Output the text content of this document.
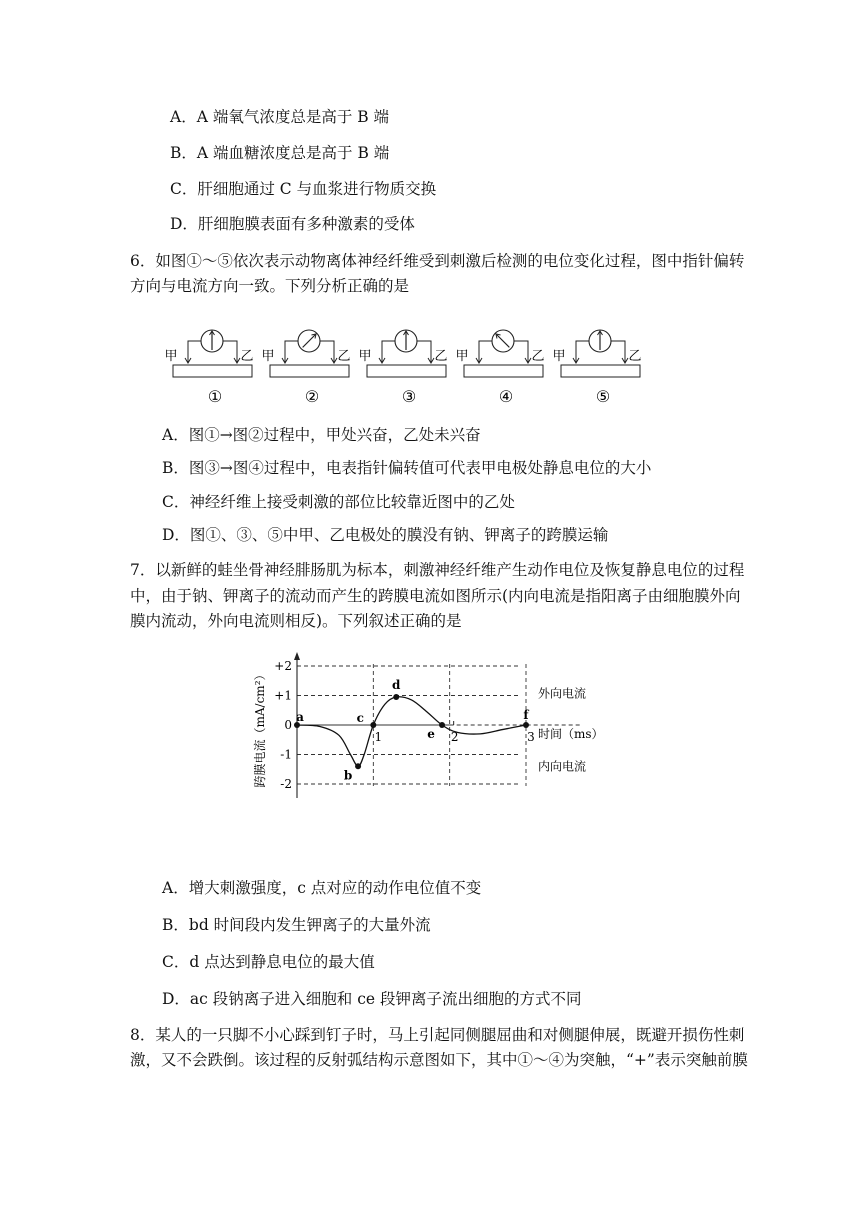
A．A 端氧气浓度总是高于 B 端
B．A 端血糖浓度总是高于 B 端
C．肝细胞通过 C 与血浆进行物质交换
D．肝细胞膜表面有多种激素的受体
6．如图①～⑤依次表示动物离体神经纤维受到刺激后检测的电位变化过程，图中指针偏转
方向与电流方向一致。下列分析正确的是
甲	乙
①
甲	乙
②
甲	乙
③
甲	乙
④
甲	乙
⑤
A．图①→图②过程中，甲处兴奋，乙处未兴奋
B．图③→图④过程中，电表指针偏转值可代表甲电极处静息电位的大小
C．神经纤维上接受刺激的部位比较靠近图中的乙处
D．图①、③、⑤中甲、乙电极处的膜没有钠、钾离子的跨膜运输
7．以新鲜的蛙坐骨神经腓肠肌为标本，刺激神经纤维产生动作电位及恢复静息电位的过程
中，由于钠、钾离子的流动而产生的跨膜电流如图所示(内向电流是指阳离子由细胞膜外向
膜内流动，外向电流则相反)。下列叙述正确的是
+2
+1
0
-1
-2
1	2	3
跨膜电流（mA/cm²）	时间（ms）
外向电流
内向电流
a
b
c
d
e
f
A．增大刺激强度，c 点对应的动作电位值不变
B．bd 时间段内发生钾离子的大量外流
C．d 点达到静息电位的最大值
D．ac 段钠离子进入细胞和 ce 段钾离子流出细胞的方式不同
8．某人的一只脚不小心踩到钉子时，马上引起同侧腿屈曲和对侧腿伸展，既避开损伤性刺
激，又不会跌倒。该过程的反射弧结构示意图如下，其中①～④为突触，“+”表示突触前膜
